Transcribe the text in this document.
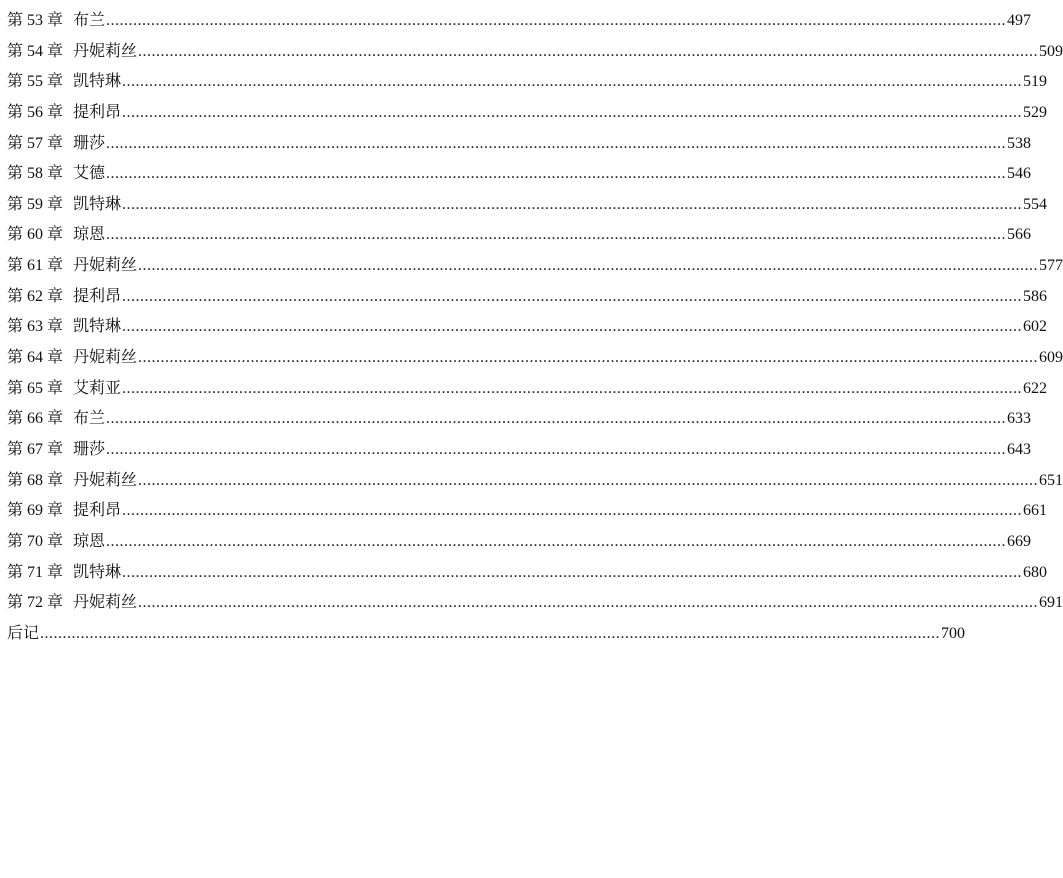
第 53 章 布兰 ........................................................................................................................................................................................................ 497
第 54 章 丹妮莉丝 ........................................................................................................................................................................................................ 509
第 55 章 凯特琳 ........................................................................................................................................................................................................ 519
第 56 章 提利昂 ........................................................................................................................................................................................................ 529
第 57 章 珊莎 ........................................................................................................................................................................................................ 538
第 58 章 艾德 ........................................................................................................................................................................................................ 546
第 59 章 凯特琳 ........................................................................................................................................................................................................ 554
第 60 章 琼恩 ........................................................................................................................................................................................................ 566
第 61 章 丹妮莉丝 ........................................................................................................................................................................................................ 577
第 62 章 提利昂 ........................................................................................................................................................................................................ 586
第 63 章 凯特琳 ........................................................................................................................................................................................................ 602
第 64 章 丹妮莉丝 ........................................................................................................................................................................................................ 609
第 65 章 艾莉亚 ........................................................................................................................................................................................................ 622
第 66 章 布兰 ........................................................................................................................................................................................................ 633
第 67 章 珊莎 ........................................................................................................................................................................................................ 643
第 68 章 丹妮莉丝 ........................................................................................................................................................................................................ 651
第 69 章 提利昂 ........................................................................................................................................................................................................ 661
第 70 章 琼恩 ........................................................................................................................................................................................................ 669
第 71 章 凯特琳 ........................................................................................................................................................................................................ 680
第 72 章 丹妮莉丝 ........................................................................................................................................................................................................ 691
后记 ........................................................................................................................................................................................................ 700
